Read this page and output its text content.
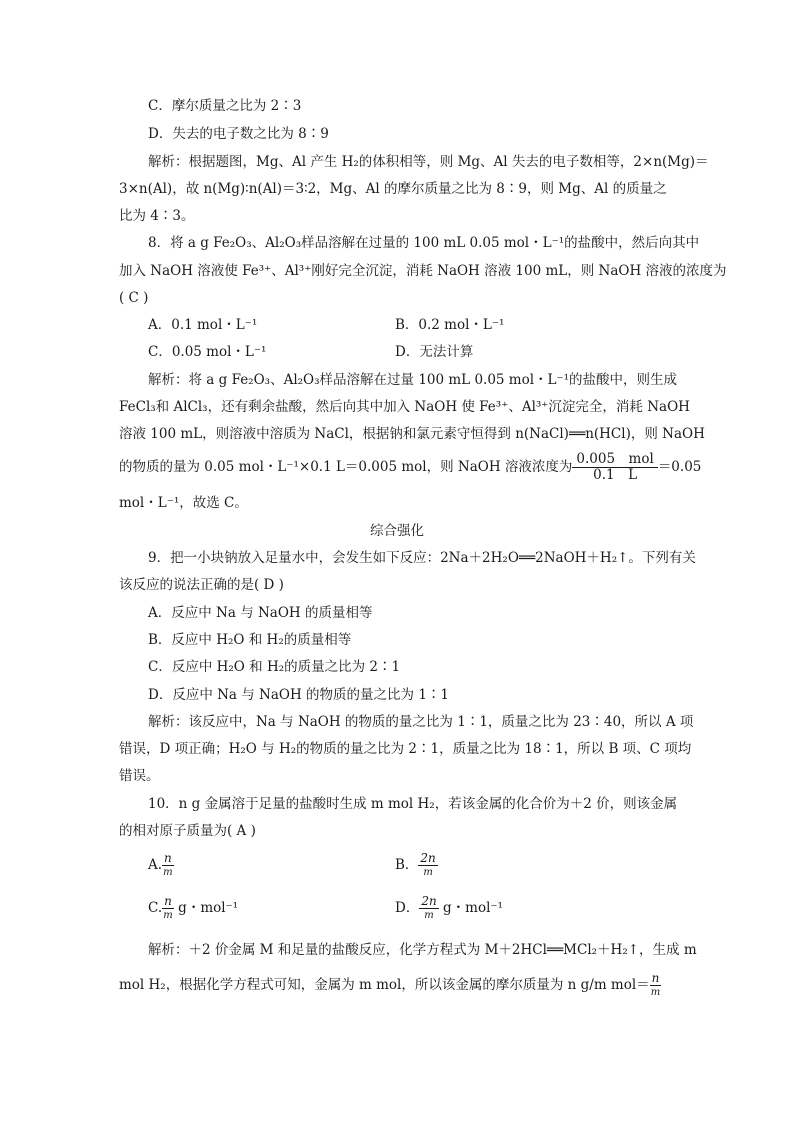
C．摩尔质量之比为 2∶3
D．失去的电子数之比为 8∶9
解析：根据题图，Mg、Al 产生 H₂的体积相等，则 Mg、Al 失去的电子数相等，2×n(Mg)＝
3×n(Al)，故 n(Mg)∶n(Al)＝3∶2，Mg、Al 的摩尔质量之比为 8∶9，则 Mg、Al 的质量之
比为 4∶3。
8．将 a g Fe₂O₃、Al₂O₃样品溶解在过量的 100 mL 0.05 mol・L⁻¹的盐酸中，然后向其中
加入 NaOH 溶液使 Fe³⁺、Al³⁺刚好完全沉淀，消耗 NaOH 溶液 100 mL，则 NaOH 溶液的浓度为
( C )
A．0.1 mol・L⁻¹	B．0.2 mol・L⁻¹
C．0.05 mol・L⁻¹	D．无法计算
解析：将 a g Fe₂O₃、Al₂O₃样品溶解在过量 100 mL 0.05 mol・L⁻¹的盐酸中，则生成
FeCl₃和 AlCl₃，还有剩余盐酸，然后向其中加入 NaOH 使 Fe³⁺、Al³⁺沉淀完全，消耗 NaOH
溶液 100 mL，则溶液中溶质为 NaCl，根据钠和氯元素守恒得到 n(NaCl)══n(HCl)，则 NaOH
的物质的量为 0.05 mol・L⁻¹×0.1 L＝0.005 mol，则 NaOH 溶液浓度为 $\frac{\text{0.005　mol}}{0.1 L} =0.05$
mol・L⁻¹，故选 C。
综合强化
9．把一小块钠放入足量水中，会发生如下反应：2Na＋2H₂O══2NaOH＋H₂↑。下列有关
该反应的说法正确的是( D )
A．反应中 Na 与 NaOH 的质量相等
B．反应中 H₂O 和 H₂的质量相等
C．反应中 H₂O 和 H₂的质量之比为 2∶1
D．反应中 Na 与 NaOH 的物质的量之比为 1∶1
解析：该反应中，Na 与 NaOH 的物质的量之比为 1∶1，质量之比为 23∶40，所以 A 项
错误，D 项正确；H₂O 与 H₂的物质的量之比为 2∶1，质量之比为 18∶1，所以 B 项、C 项均
错误。
10．n g 金属溶于足量的盐酸时生成 m mol H₂，若该金属的化合价为＋2 价，则该金属
的相对原子质量为( A )
A. $\frac{n}{m}$	B． $\frac{2n}{m}$
C. $\frac{n}{m}$ g・mol⁻¹	D． $\frac{2n}{m}$ g・mol⁻¹
解析：＋2 价金属 M 和足量的盐酸反应，化学方程式为 M＋2HCl══MCl₂＋H₂↑，生成 m
mol H₂，根据化学方程式可知，金属为 m mol，所以该金属的摩尔质量为 n g/m $mol= \frac{n}{m}$
